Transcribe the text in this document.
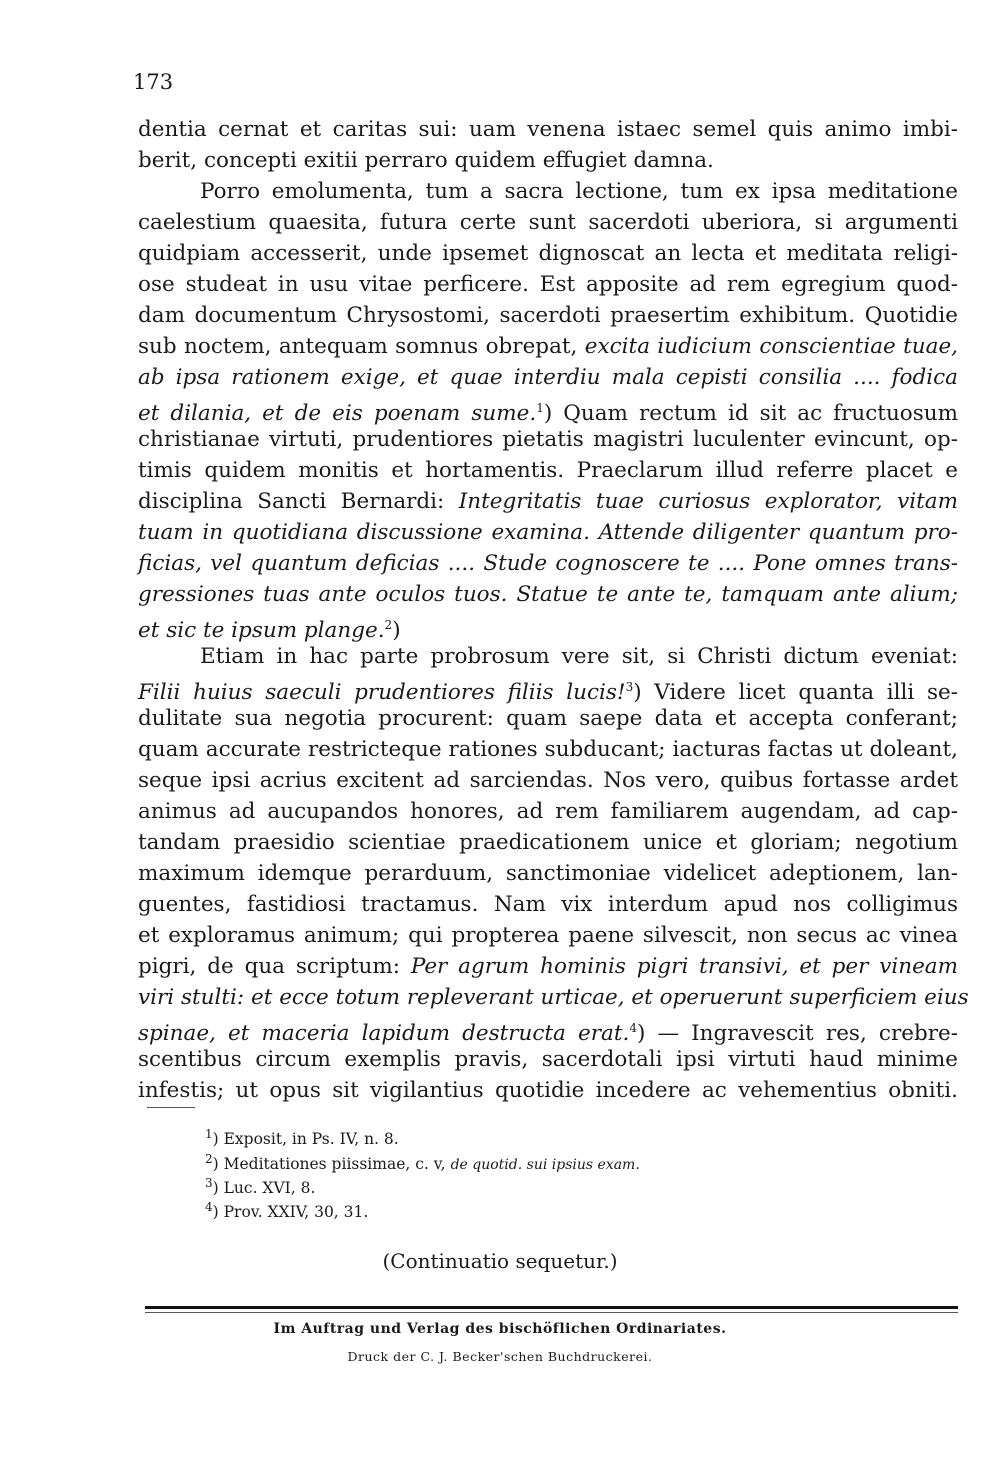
173
dentia cernat et caritas sui: uam venena istaec semel quis animo imbi-
berit, concepti exitii perraro quidem effugiet damna.
Porro emolumenta, tum a sacra lectione, tum ex ipsa meditatione
caelestium quaesita, futura certe sunt sacerdoti uberiora, si argumenti
quidpiam accesserit, unde ipsemet dignoscat an lecta et meditata religi-
ose studeat in usu vitae perficere. Est apposite ad rem egregium quod-
dam documentum Chrysostomi, sacerdoti praesertim exhibitum. Quotidie
sub noctem, antequam somnus obrepat, excita iudicium conscientiae tuae,
ab ipsa rationem exige, et quae interdiu mala cepisti consilia .... fodica
et dilania, et de eis poenam sume.$^1$) Quam rectum id sit ac fructuosum
christianae virtuti, prudentiores pietatis magistri luculenter evincunt, op-
timis quidem monitis et hortamentis. Praeclarum illud referre placet e
disciplina Sancti Bernardi: Integritatis tuae curiosus explorator, vitam
tuam in quotidiana discussione examina. Attende diligenter quantum pro-
ficias, vel quantum deficias .... Stude cognoscere te .... Pone omnes trans-
gressiones tuas ante oculos tuos. Statue te ante te, tamquam ante alium;
et sic te ipsum plange.$^2$)
Etiam in hac parte probrosum vere sit, si Christi dictum eveniat:
Filii huius saeculi prudentiores filiis lucis!$^3$) Videre licet quanta illi se-
dulitate sua negotia procurent: quam saepe data et accepta conferant;
quam accurate restricteque rationes subducant; iacturas factas ut doleant,
seque ipsi acrius excitent ad sarciendas. Nos vero, quibus fortasse ardet
animus ad aucupandos honores, ad rem familiarem augendam, ad cap-
tandam praesidio scientiae praedicationem unice et gloriam; negotium
maximum idemque perarduum, sanctimoniae videlicet adeptionem, lan-
guentes, fastidiosi tractamus. Nam vix interdum apud nos colligimus
et exploramus animum; qui propterea paene silvescit, non secus ac vinea
pigri, de qua scriptum: Per agrum hominis pigri transivi, et per vineam
viri stulti: et ecce totum repleverant urticae, et operuerunt superficiem eius
spinae, et maceria lapidum destructa erat.$^4$) — Ingravescit res, crebre-
scentibus circum exemplis pravis, sacerdotali ipsi virtuti haud minime
infestis; ut opus sit vigilantius quotidie incedere ac vehementius obniti.
$^1$) Exposit, in Ps. IV, n. 8.
$^2$) Meditationes piissimae, c. v, de quotid. sui ipsius exam.
$^3$) Luc. XVI, 8.
$^4$) Prov. XXIV, 30, 31.
(Continuatio sequetur.)
Im Auftrag und Verlag des bischöflichen Ordinariates.
Druck der C. J. Becker'schen Buchdruckerei.
